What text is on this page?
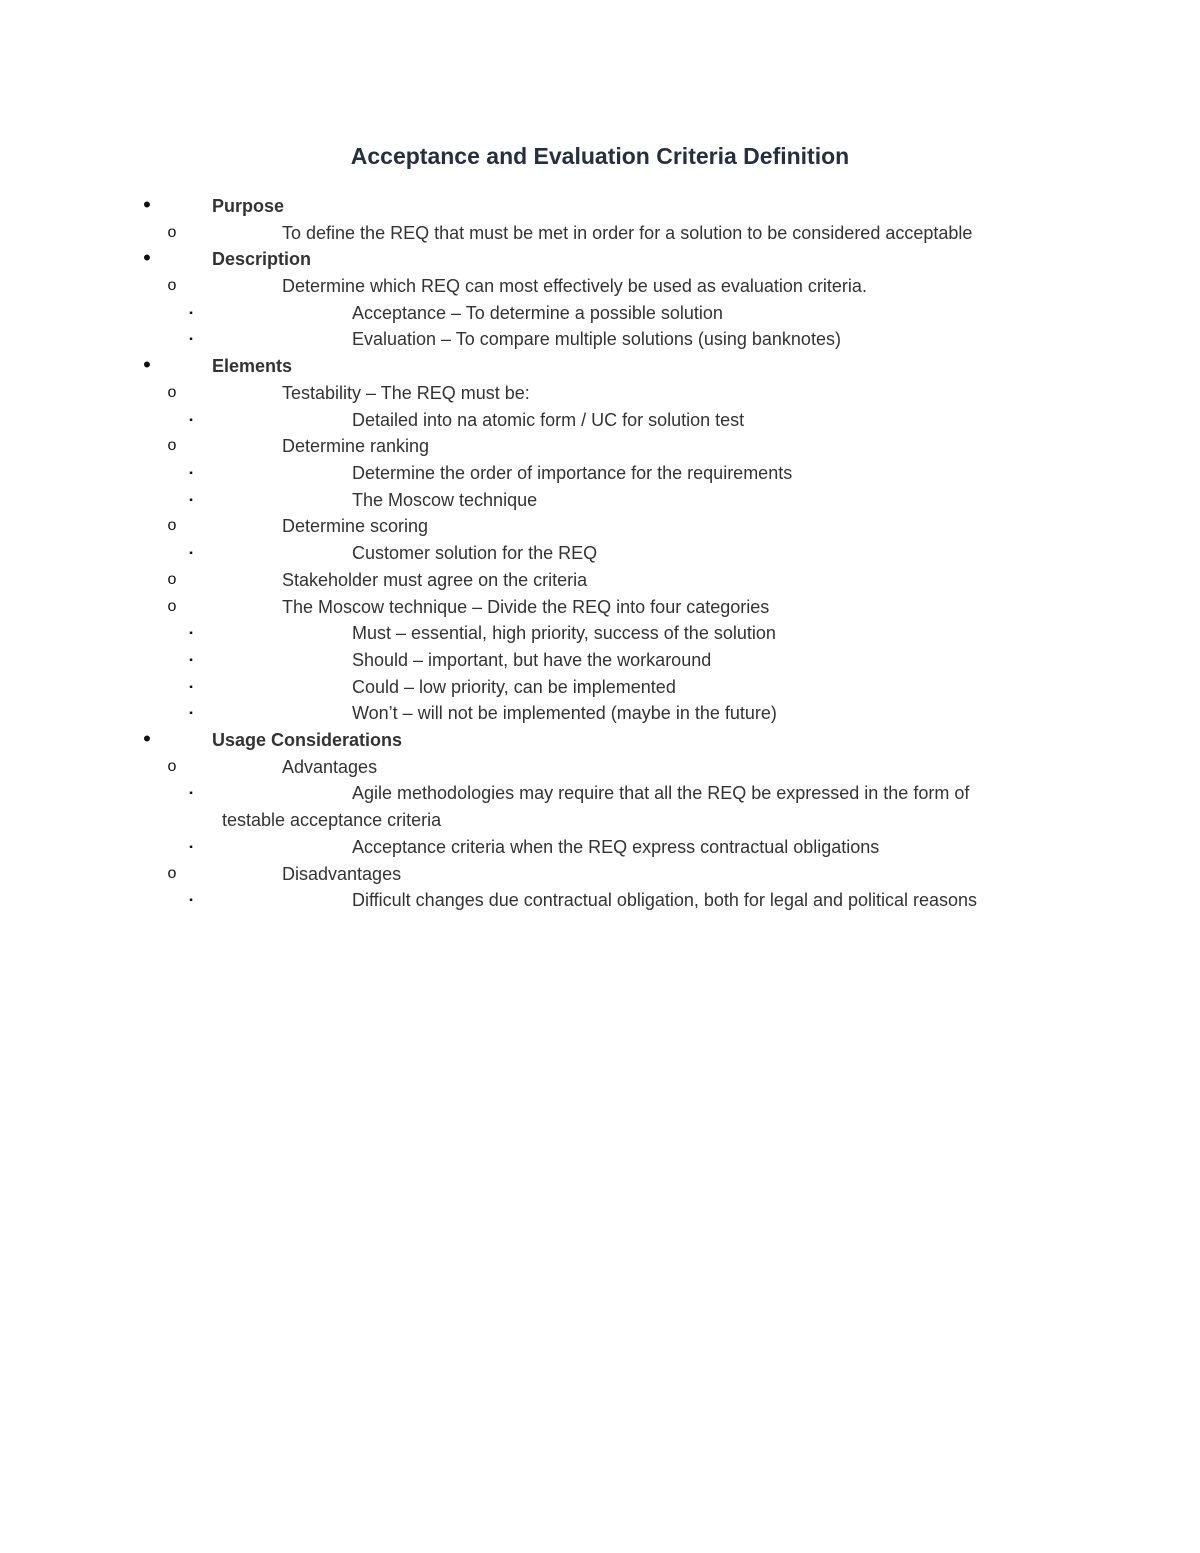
Acceptance and Evaluation Criteria Definition
•	Purpose
o	To define the REQ that must be met in order for a solution to be considered acceptable
•	Description
o	Determine which REQ can most effectively be used as evaluation criteria.
▪	Acceptance – To determine a possible solution
▪	Evaluation – To compare multiple solutions (using banknotes)
•	Elements
o	Testability – The REQ must be:
▪	Detailed into na atomic form / UC for solution test
o	Determine ranking
▪	Determine the order of importance for the requirements
▪	The Moscow technique
o	Determine scoring
▪	Customer solution for the REQ
o	Stakeholder must agree on the criteria
o	The Moscow technique – Divide the REQ into four categories
▪	Must – essential, high priority, success of the solution
▪	Should – important, but have the workaround
▪	Could – low priority, can be implemented
▪	Won’t – will not be implemented (maybe in the future)
•	Usage Considerations
o	Advantages
▪	Agile methodologies may require that all the REQ be expressed in the form of
testable acceptance criteria
▪	Acceptance criteria when the REQ express contractual obligations
o	Disadvantages
▪	Difficult changes due contractual obligation, both for legal and political reasons
